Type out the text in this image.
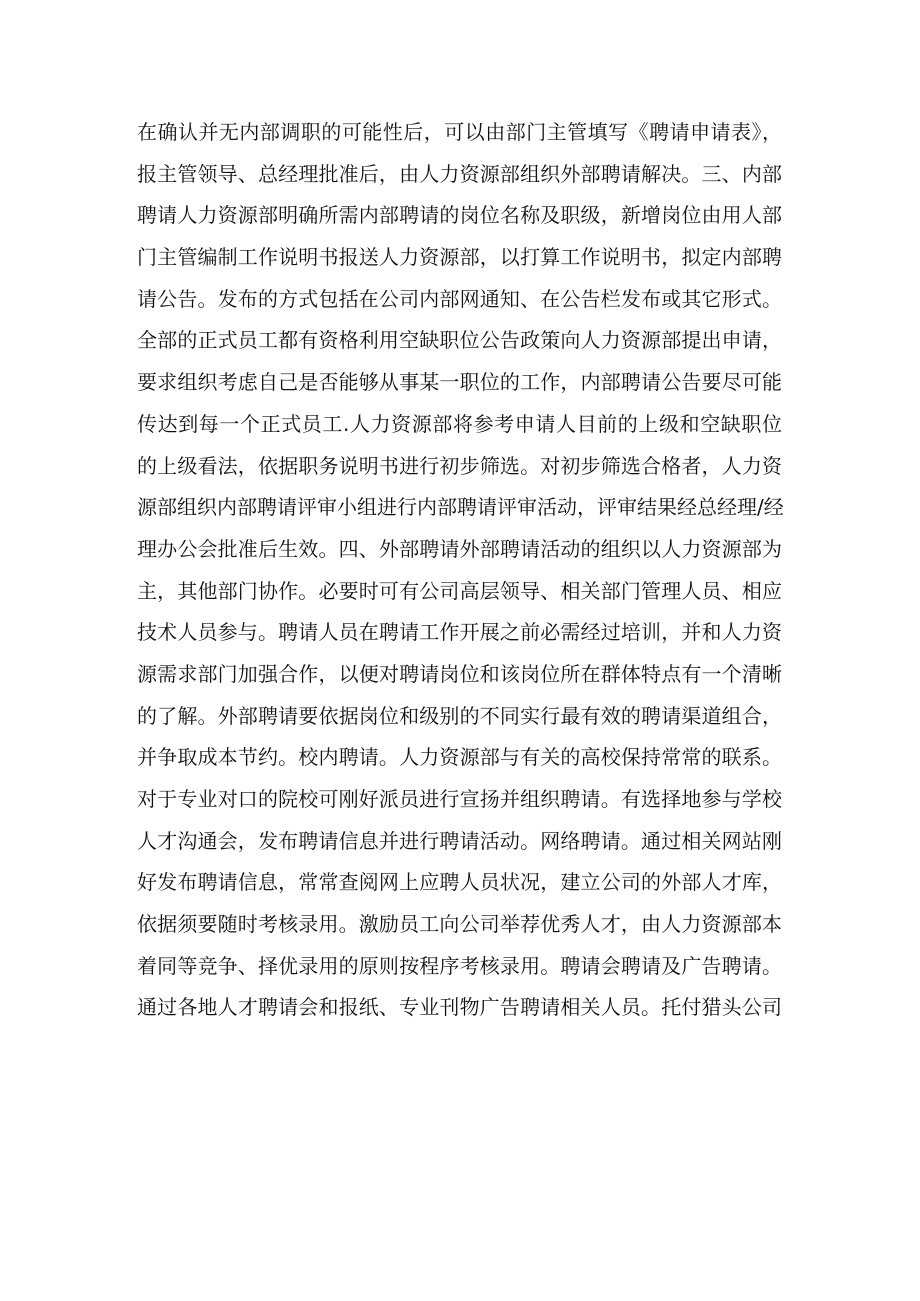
在确认并无内部调职的可能性后，可以由部门主管填写《聘请申请表》，
报主管领导、总经理批准后，由人力资源部组织外部聘请解决。三、内部
聘请人力资源部明确所需内部聘请的岗位名称及职级，新增岗位由用人部
门主管编制工作说明书报送人力资源部，以打算工作说明书，拟定内部聘
请公告。发布的方式包括在公司内部网通知、在公告栏发布或其它形式。
全部的正式员工都有资格利用空缺职位公告政策向人力资源部提出申请，
要求组织考虑自己是否能够从事某一职位的工作，内部聘请公告要尽可能
传达到每一个正式员工.人力资源部将参考申请人目前的上级和空缺职位
的上级看法，依据职务说明书进行初步筛选。对初步筛选合格者，人力资
源部组织内部聘请评审小组进行内部聘请评审活动，评审结果经总经理/经
理办公会批准后生效。四、外部聘请外部聘请活动的组织以人力资源部为
主，其他部门协作。必要时可有公司高层领导、相关部门管理人员、相应
技术人员参与。聘请人员在聘请工作开展之前必需经过培训，并和人力资
源需求部门加强合作，以便对聘请岗位和该岗位所在群体特点有一个清晰
的了解。外部聘请要依据岗位和级别的不同实行最有效的聘请渠道组合，
并争取成本节约。校内聘请。人力资源部与有关的高校保持常常的联系。
对于专业对口的院校可刚好派员进行宣扬并组织聘请。有选择地参与学校
人才沟通会，发布聘请信息并进行聘请活动。网络聘请。通过相关网站刚
好发布聘请信息，常常查阅网上应聘人员状况，建立公司的外部人才库，
依据须要随时考核录用。激励员工向公司举荐优秀人才，由人力资源部本
着同等竞争、择优录用的原则按程序考核录用。聘请会聘请及广告聘请。
通过各地人才聘请会和报纸、专业刊物广告聘请相关人员。托付猎头公司
